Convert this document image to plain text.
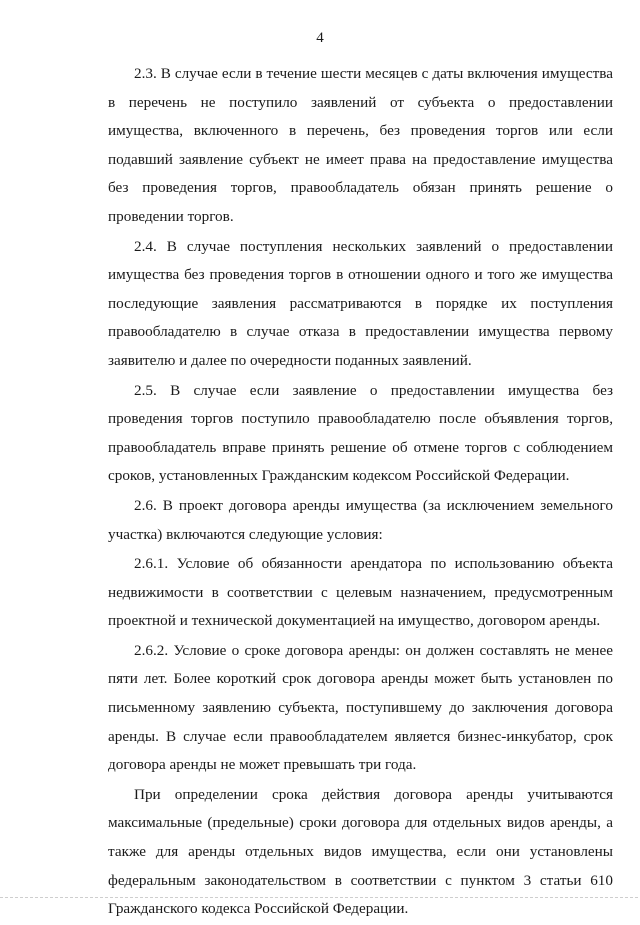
4

2.3. В случае если в течение шести месяцев с даты включения имущества в перечень не поступило заявлений от субъекта о предоставлении имущества, включенного в перечень, без проведения торгов или если подавший заявление субъект не имеет права на предоставление имущества без проведения торгов, правообладатель обязан принять решение о проведении торгов.

2.4. В случае поступления нескольких заявлений о предоставлении имущества без проведения торгов в отношении одного и того же имущества последующие заявления рассматриваются в порядке их поступления правообладателю в случае отказа в предоставлении имущества первому заявителю и далее по очередности поданных заявлений.

2.5. В случае если заявление о предоставлении имущества без проведения торгов поступило правообладателю после объявления торгов, правообладатель вправе принять решение об отмене торгов с соблюдением сроков, установленных Гражданским кодексом Российской Федерации.

2.6. В проект договора аренды имущества (за исключением земельного участка) включаются следующие условия:

2.6.1. Условие об обязанности арендатора по использованию объекта недвижимости в соответствии с целевым назначением, предусмотренным проектной и технической документацией на имущество, договором аренды.

2.6.2. Условие о сроке договора аренды: он должен составлять не менее пяти лет. Более короткий срок договора аренды может быть установлен по письменному заявлению субъекта, поступившему до заключения договора аренды. В случае если правообладателем является бизнес-инкубатор, срок договора аренды не может превышать три года.

При определении срока действия договора аренды учитываются максимальные (предельные) сроки договора для отдельных видов аренды, а также для аренды отдельных видов имущества, если они установлены федеральным законодательством в соответствии с пунктом 3 статьи 610 Гражданского кодекса Российской Федерации.
